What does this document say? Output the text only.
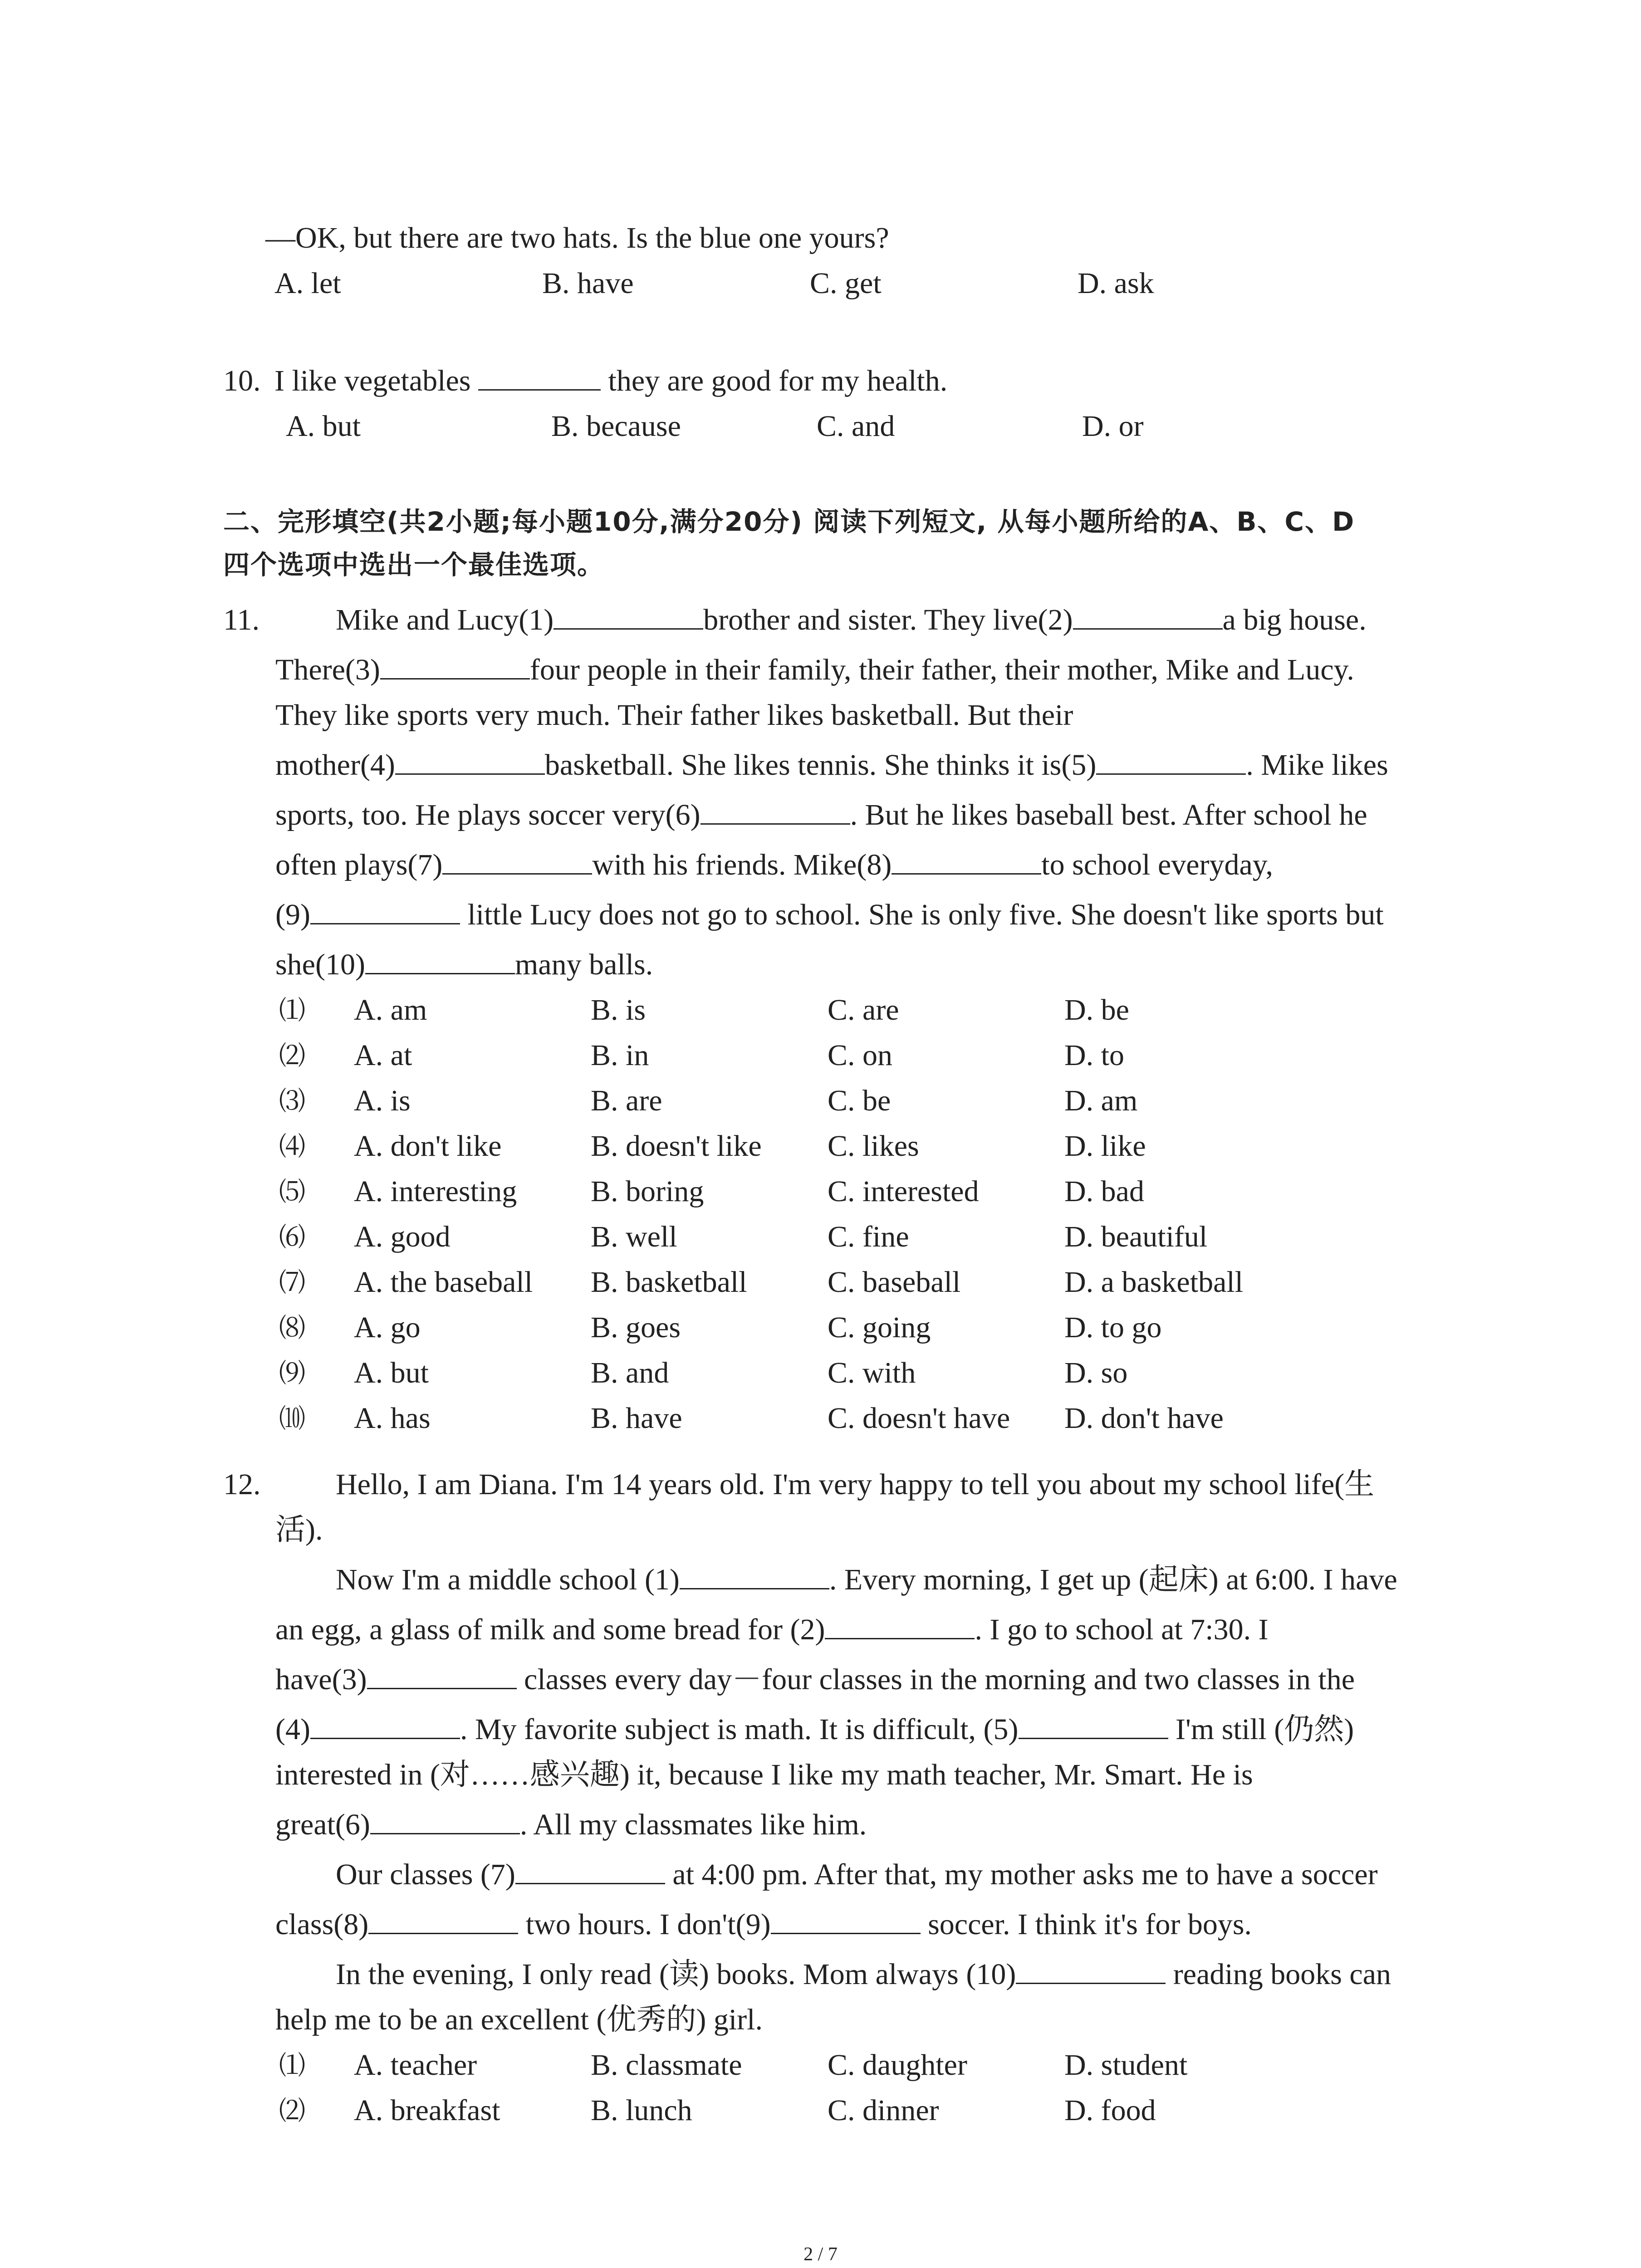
—OK, but there are two hats. Is the blue one yours?
A. let	B. have	C. get	D. ask
10. I like vegetables	they are good for my health.
A. but	B. because	C. and	D. or
二、完形填空(共2小题;每小题10分,满分20分) 阅读下列短文, 从每小题所给的A、B、C、D
四个选项中选出一个最佳选项。
11.	Mike and Lucy(1)	brother and sister. They live(2)	a big house.
There(3)	four people in their family, their father, their mother, Mike and Lucy.
They like sports very much. Their father likes basketball. But their
mother(4)	basketball. She likes tennis. She thinks it is(5)	. Mike likes
sports, too. He plays soccer very(6)	. But he likes baseball best. After school he
often plays(7)	with his friends. Mike(8)	to school everyday,
(9)	little Lucy does not go to school. She is only five. She doesn't like sports but
she(10)	many balls.
⑴ A. am	B. is	C. are	D. be
⑵ A. at	B. in	C. on	D. to
⑶ A. is	B. are	C. be	D. am
⑷ A. don't like	B. doesn't like C. likes	D. like
⑸ A. interesting B. boring	C. interested	D. bad
⑹ A. good	B. well	C. fine	D. beautiful
⑺ A. the baseball B. basketball	C. baseball	D. a basketball
⑻ A. go	B. goes	C. going	D. to go
⑼ A. but	B. and	C. with	D. so
⑽ A. has	B. have	C. doesn't have D. don't have
12.	Hello, I am Diana. I'm 14 years old. I'm very happy to tell you about my school life(生
活).
Now I'm a middle school (1)	. Every morning, I get up (起床) at 6:00. I have
an egg, a glass of milk and some bread for (2)	. I go to school at 7:30. I
have(3)	classes every day－four classes in the morning and two classes in the
(4)	. My favorite subject is math. It is difficult, (5)	I'm still (仍然)
interested in (对……感兴趣) it, because I like my math teacher, Mr. Smart. He is
great(6)	. All my classmates like him.
Our classes (7)	at 4:00 pm. After that, my mother asks me to have a soccer
class(8)	two hours. I don't(9)	soccer. I think it's for boys.
In the evening, I only read (读) books. Mom always (10)	reading books can
help me to be an excellent (优秀的) girl.
⑴ A. teacher	B. classmate	C. daughter	D. student
⑵ A. breakfast	B. lunch	C. dinner	D. food
2 / 7
